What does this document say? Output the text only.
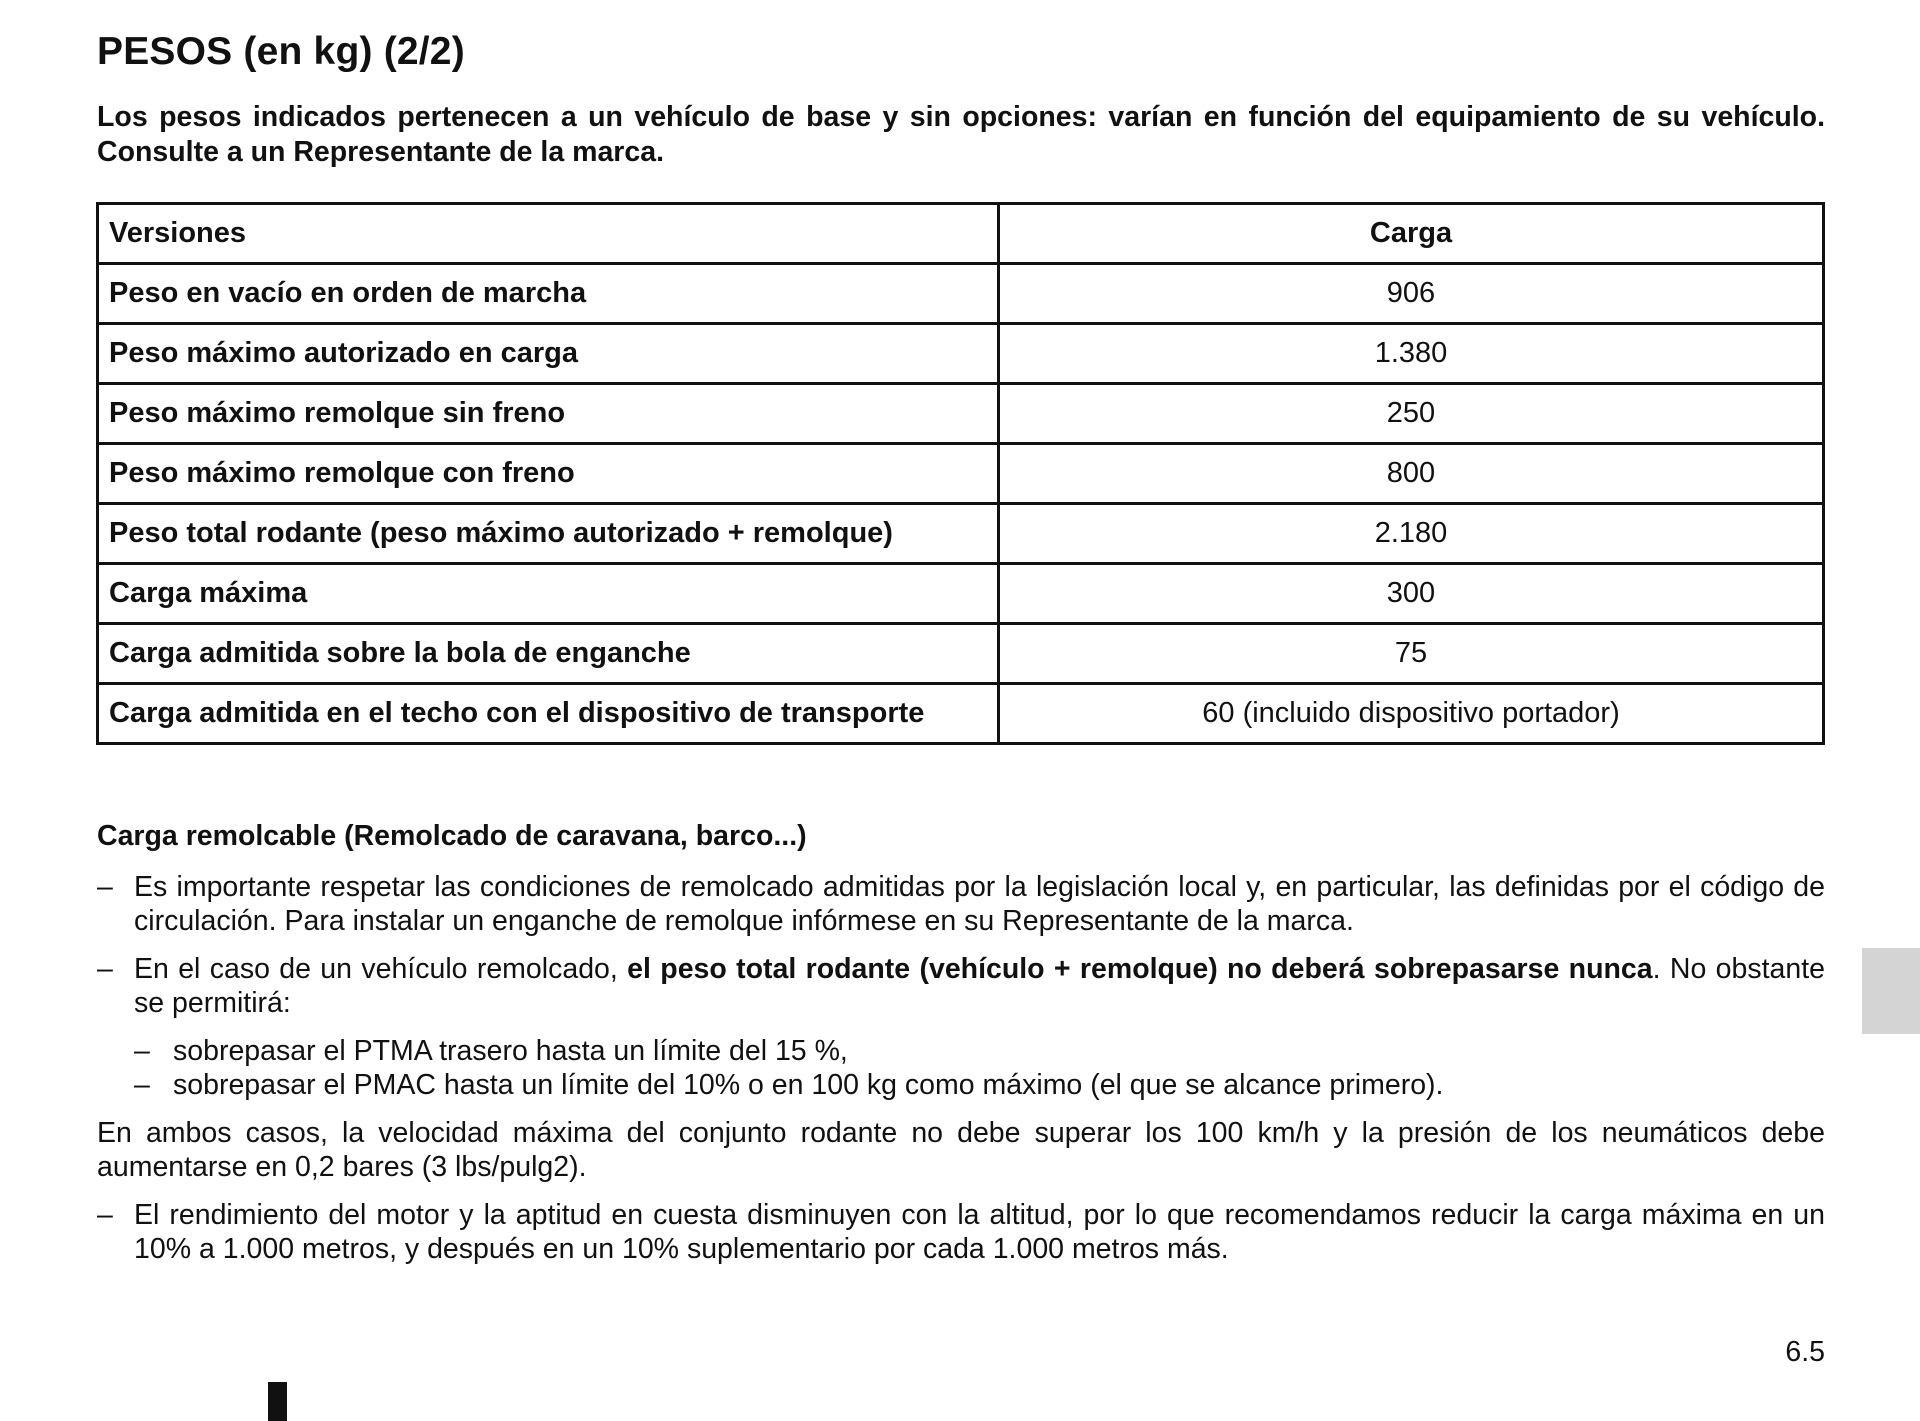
PESOS (en kg) (2/2)

Los pesos indicados pertenecen a un vehículo de base y sin opciones: varían en función del equipamiento de su vehículo. Consulte a un Representante de la marca.

Versiones	Carga
Peso en vacío en orden de marcha	906
Peso máximo autorizado en carga	1.380
Peso máximo remolque sin freno	250
Peso máximo remolque con freno	800
Peso total rodante (peso máximo autorizado + remolque)	2.180
Carga máxima	300
Carga admitida sobre la bola de enganche	75
Carga admitida en el techo con el dispositivo de transporte	60 (incluido dispositivo portador)
Carga remolcable (Remolcado de caravana, barco...)

– Es importante respetar las condiciones de remolcado admitidas por la legislación local y, en particular, las definidas por el código de circulación. Para instalar un enganche de remolque infórmese en su Representante de la marca.

– En el caso de un vehículo remolcado, el peso total rodante (vehículo + remolque) no deberá sobrepasarse nunca. No obstante se permitirá:

– sobrepasar el PTMA trasero hasta un límite del 15 %,

– sobrepasar el PMAC hasta un límite del 10% o en 100 kg como máximo (el que se alcance primero).

En ambos casos, la velocidad máxima del conjunto rodante no debe superar los 100 km/h y la presión de los neumáticos debe aumentarse en 0,2 bares (3 lbs/pulg2).

– El rendimiento del motor y la aptitud en cuesta disminuyen con la altitud, por lo que recomendamos reducir la carga máxima en un 10% a 1.000 metros, y después en un 10% suplementario por cada 1.000 metros más.

6.5
